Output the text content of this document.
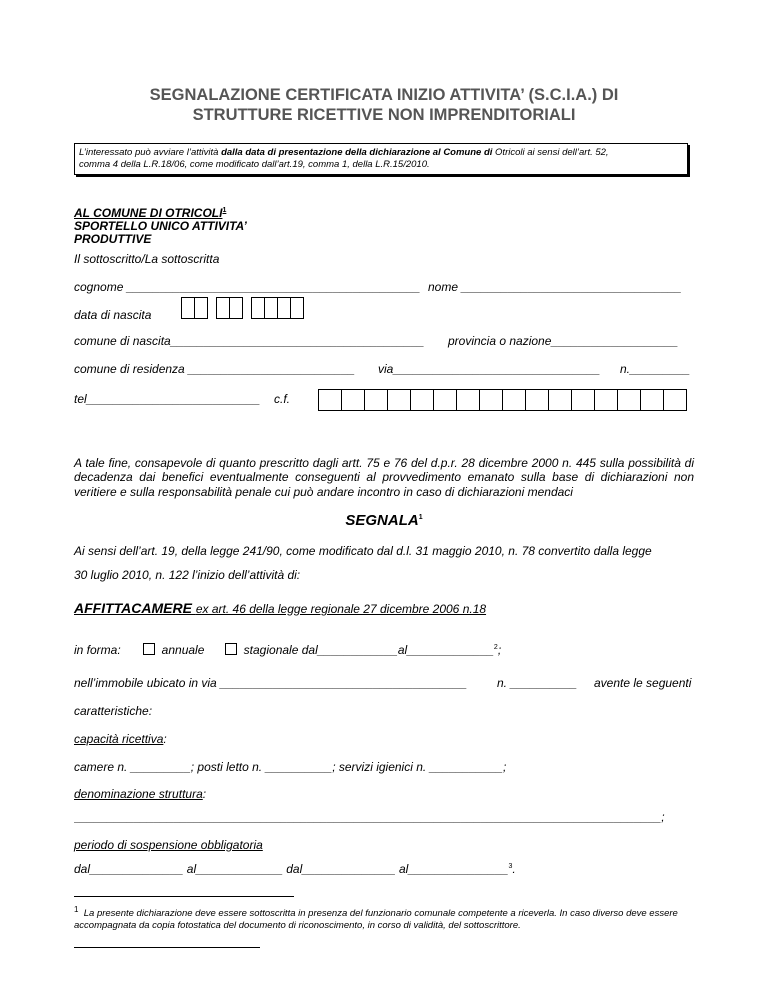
SEGNALAZIONE CERTIFICATA INIZIO ATTIVITA’ (S.C.I.A.) DI
STRUTTURE RICETTIVE NON IMPRENDITORIALI
L’interessato può avviare l’attività dalla data di presentazione della dichiarazione al Comune di Otricoli ai sensi dell’art. 52,
comma 4 della L.R.18/06, come modificato dall’art.19, comma 1, della L.R.15/2010.
AL COMUNE DI OTRICOLI$^1$
SPORTELLO UNICO ATTIVITA’
PRODUTTIVE
Il sottoscritto/La sottoscritta
cognome ____________________________________________ nome _________________________________
data di nascita
comune di nascita______________________________________ provincia o nazione___________________
comune di residenza _________________________ via_______________________________ n._________
tel__________________________ c.f.
A tale fine, consapevole di quanto prescritto dagli artt. 75 e 76 del d.p.r. 28 dicembre 2000 n. 445 sulla possibilità di decadenza dai benefici eventualmente conseguenti al provvedimento emanato sulla base di dichiarazioni non veritiere e sulla responsabilità penale cui può andare incontro in caso di dichiarazioni mendaci
SEGNALA$^1$
Ai sensi dell’art. 19, della legge 241/90, come modificato dal d.l. 31 maggio 2010, n. 78 convertito dalla legge
30 luglio 2010, n. 122 l’inizio dell’attività di:
AFFITTACAMERE ex art. 46 della legge regionale 27 dicembre 2006 n.18
in forma:	annuale	stagionale dal____________al_____________$^2$;
nell’immobile ubicato in via _____________________________________	n. __________ avente le seguenti
caratteristiche:
capacità ricettiva:
camere n. _________; posti letto n. __________; servizi igienici n. ___________;
denominazione struttura:
________________________________________________________________________________________;
periodo di sospensione obbligatoria
dal______________ al_____________ dal______________ al_______________$^3$.
$^1$ La presente dichiarazione deve essere sottoscritta in presenza del funzionario comunale competente a riceverla. In caso diverso deve essere accompagnata da copia fotostatica del documento di riconoscimento, in corso di validità, del sottoscrittore.
